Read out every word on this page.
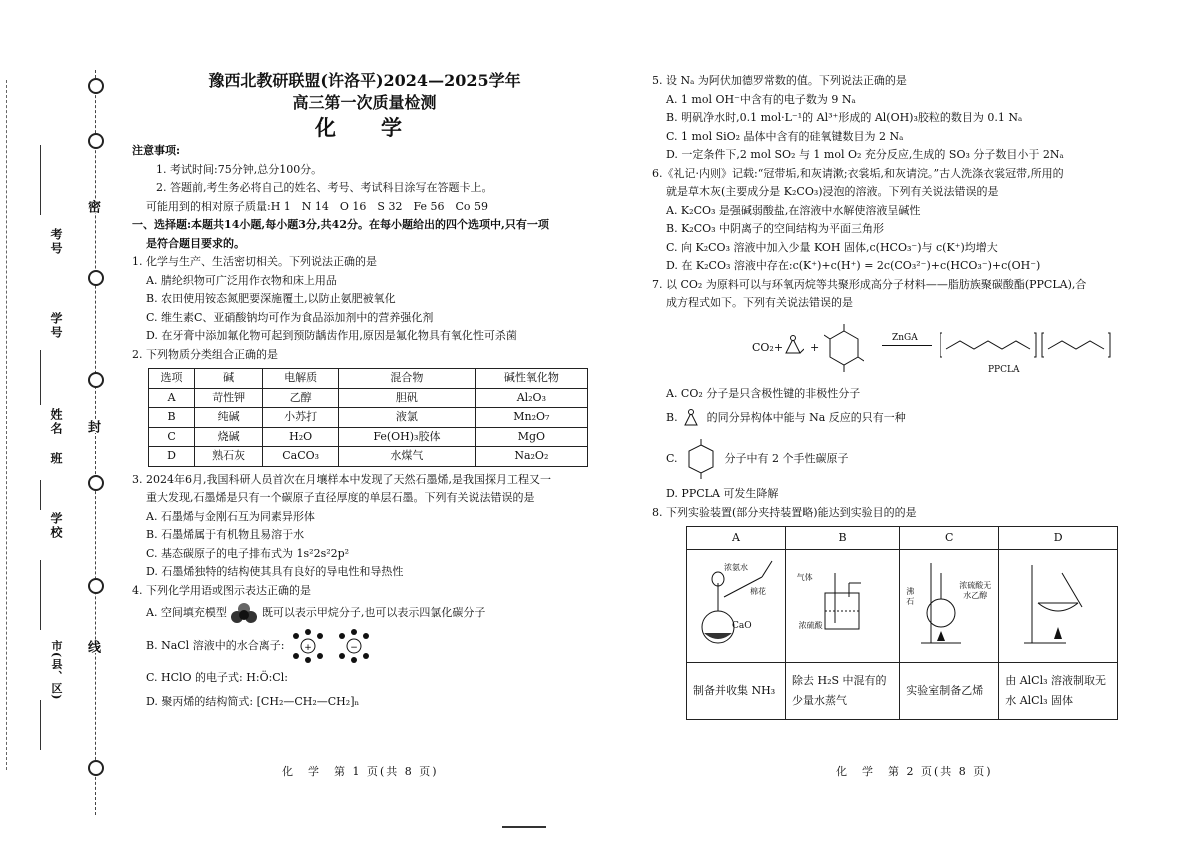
密
封
线
考号
学号
姓名
班
学校
市(县、区)

豫西北教研联盟(许洛平)2024—2025学年

高三第一次质量检测

化　学

注意事项:

1. 考试时间:75分钟,总分100分。

2. 答题前,考生务必将自己的姓名、考号、考试科目涂写在答题卡上。

可能用到的相对原子质量:H 1　N 14　O 16　S 32　Fe 56　Co 59

一、选择题:本题共14小题,每小题3分,共42分。在每小题给出的四个选项中,只有一项

是符合题目要求的。

1. 化学与生产、生活密切相关。下列说法正确的是

A. 腈纶织物可广泛用作衣物和床上用品

B. 农田使用铵态氮肥要深施覆土,以防止氨肥被氧化

C. 维生素C、亚硝酸钠均可作为食品添加剂中的营养强化剂

D. 在牙膏中添加氟化物可起到预防龋齿作用,原因是氟化物具有氧化性可杀菌

2. 下列物质分类组合正确的是

选项	碱	电解质	混合物	碱性氧化物
A	苛性钾	乙醇	胆矾	Al₂O₃
B	纯碱	小苏打	液氯	Mn₂O₇
C	烧碱	H₂O	Fe(OH)₃胶体	MgO
D	熟石灰	CaCO₃	水煤气	Na₂O₂

3. 2024年6月,我国科研人员首次在月壤样本中发现了天然石墨烯,是我国探月工程又一

重大发现,石墨烯是只有一个碳原子直径厚度的单层石墨。下列有关说法错误的是

A. 石墨烯与金刚石互为同素异形体

B. 石墨烯属于有机物且易溶于水

C. 基态碳原子的电子排布式为 1s²2s²2p²

D. 石墨烯独特的结构使其具有良好的导电性和导热性

4. 下列化学用语或图示表达正确的是

A. 空间填充模型	既可以表示甲烷分子,也可以表示四氯化碳分子

B. NaCl 溶液中的水合离子: +	−

C. HClO 的电子式: H:Ö:Cl:

D. 聚丙烯的结构简式: [CH₂—CH₂—CH₂]ₙ

化　学　第 1 页(共 8 页)

5. 设 Nₐ 为阿伏加德罗常数的值。下列说法正确的是

A. 1 mol OH⁻中含有的电子数为 9 Nₐ

B. 明矾净水时,0.1 mol·L⁻¹的 Al³⁺形成的 Al(OH)₃胶粒的数目为 0.1 Nₐ

C. 1 mol SiO₂ 晶体中含有的硅氧键数目为 2 Nₐ

D. 一定条件下,2 mol SO₂ 与 1 mol O₂ 充分反应,生成的 SO₃ 分子数目小于 2Nₐ

6.《礼记·内则》记载:“冠带垢,和灰请漱;衣裳垢,和灰请浣。”古人洗涤衣裳冠带,所用的

就是草木灰(主要成分是 K₂CO₃)浸泡的溶液。下列有关说法错误的是

A. K₂CO₃ 是强碱弱酸盐,在溶液中水解使溶液呈碱性

B. K₂CO₃ 中阴离子的空间结构为平面三角形

C. 向 K₂CO₃ 溶液中加入少量 KOH 固体,c(HCO₃⁻)与 c(K⁺)均增大

D. 在 K₂CO₃ 溶液中存在:c(K⁺)+c(H⁺) = 2c(CO₃²⁻)+c(HCO₃⁻)+c(OH⁻)

7. 以 CO₂ 为原料可以与环氧丙烷等共聚形成高分子材料——脂肪族聚碳酸酯(PPCLA),合

成方程式如下。下列有关说法错误的是

CO₂+ +
ZnGA
PPCLA

A. CO₂ 分子是只含极性键的非极性分子

B.	的同分异构体中能与 Na 反应的只有一种

C.	分子中有 2 个手性碳原子

D. PPCLA 可发生降解

8. 下列实验装置(部分夹持装置略)能达到实验目的的是

A	B	C	D

浓氨水
棉花
CaO	气体
浓硫酸	沸石
浓硫酸无水乙醇

制备并收集 NH₃	除去 H₂S 中混有的少量水蒸气	实验室制备乙烯	由 AlCl₃ 溶液制取无水 AlCl₃ 固体
化　学　第 2 页(共 8 页)
